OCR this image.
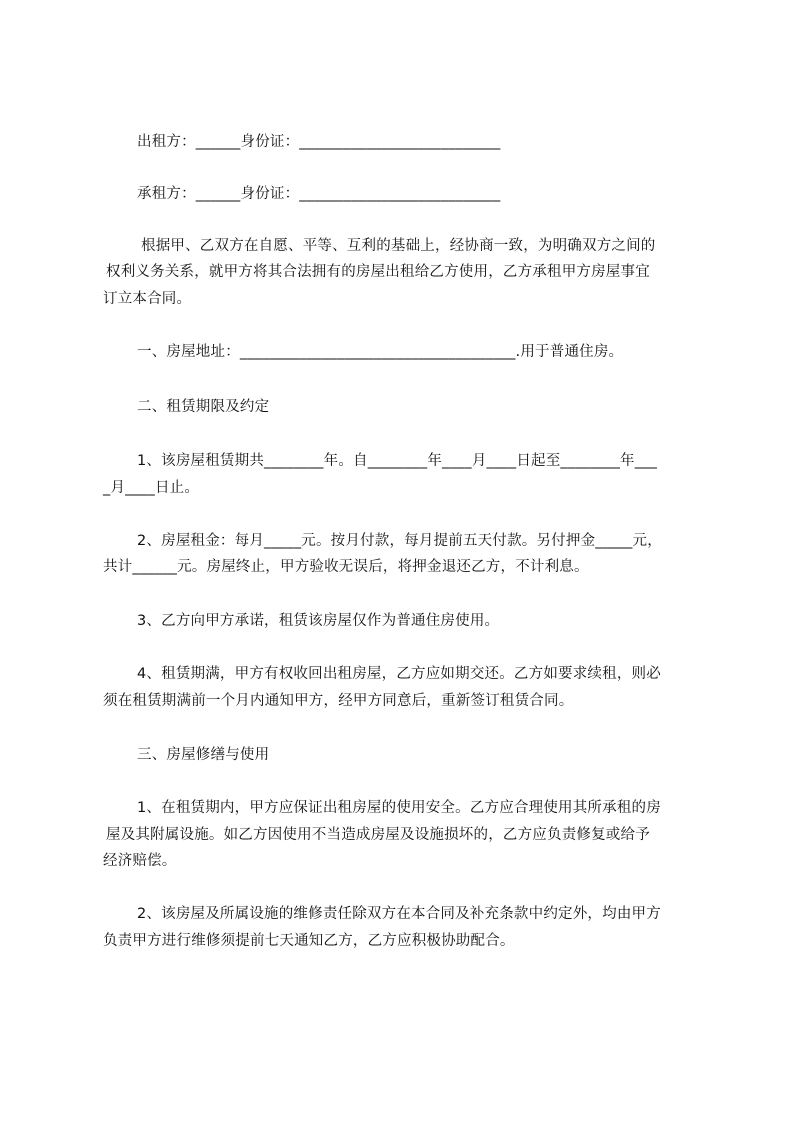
出租方：______身份证：___________________________
承租方：______身份证：___________________________
根据甲、乙双方在自愿、平等、互利的基础上，经协商一致，为明确双方之间的
权利义务关系，就甲方将其合法拥有的房屋出租给乙方使用，乙方承租甲方房屋事宜
订立本合同。
一、房屋地址：_____________________________________.用于普通住房。
二、租赁期限及约定
1、该房屋租赁期共________年。自________年____月____日起至________年___
_月____日止。
2、房屋租金：每月_____元。按月付款，每月提前五天付款。另付押金_____元，
共计______元。房屋终止，甲方验收无误后，将押金退还乙方，不计利息。
3、乙方向甲方承诺，租赁该房屋仅作为普通住房使用。
4、租赁期满，甲方有权收回出租房屋，乙方应如期交还。乙方如要求续租，则必
须在租赁期满前一个月内通知甲方，经甲方同意后，重新签订租赁合同。
三、房屋修缮与使用
1、在租赁期内，甲方应保证出租房屋的使用安全。乙方应合理使用其所承租的房
屋及其附属设施。如乙方因使用不当造成房屋及设施损坏的，乙方应负责修复或给予
经济赔偿。
2、该房屋及所属设施的维修责任除双方在本合同及补充条款中约定外，均由甲方
负责甲方进行维修须提前七天通知乙方，乙方应积极协助配合。
